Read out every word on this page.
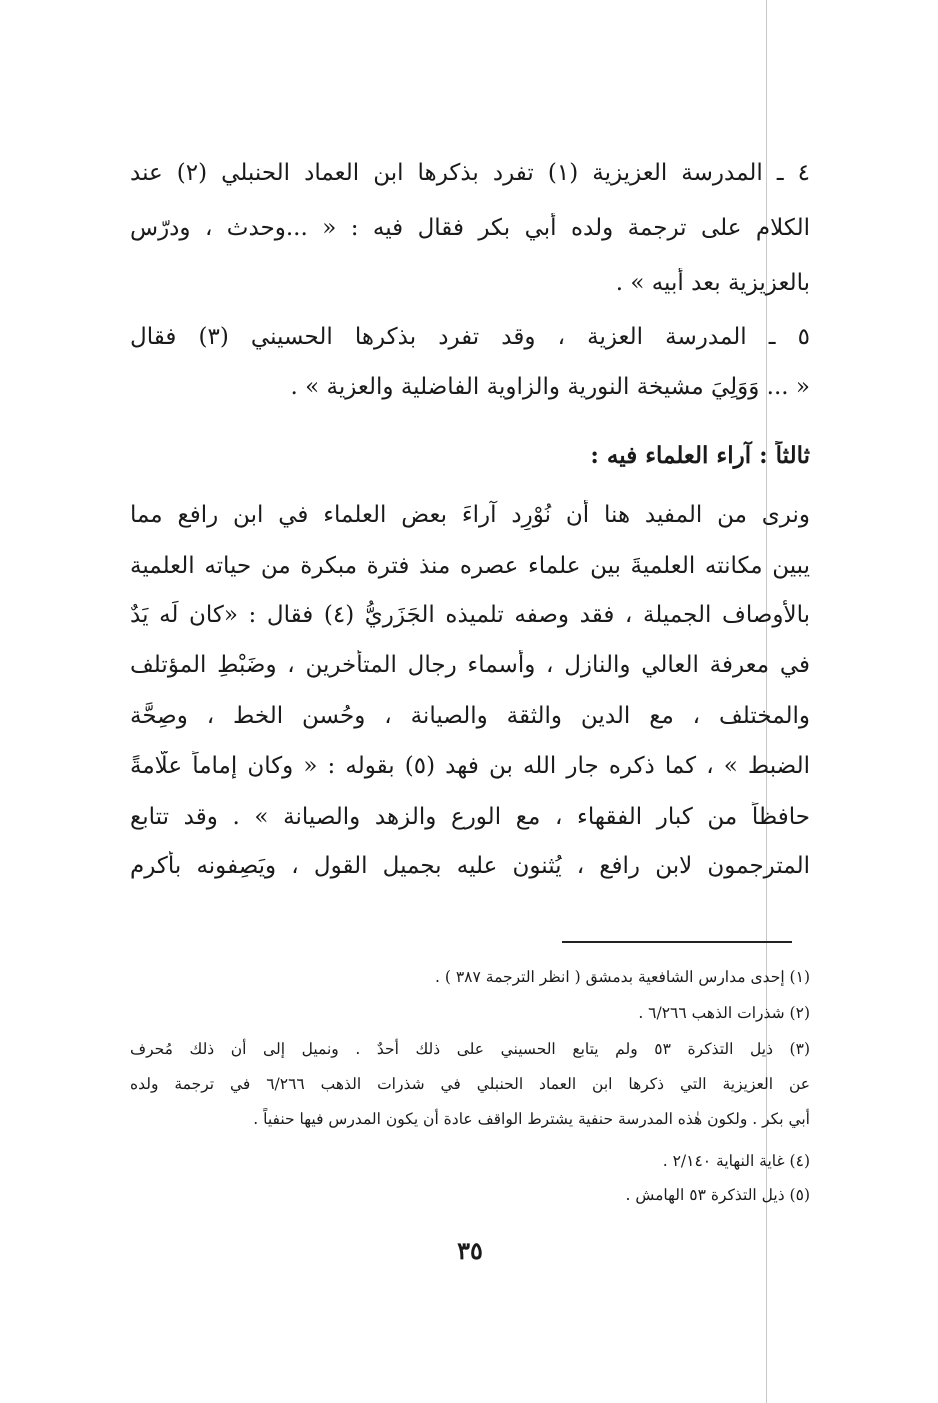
٤ ـ المدرسة العزيزية (١) تفرد بذكرها ابن العماد الحنبلي (٢) عند
الكلام على ترجمة ولده أبي بكر فقال فيه : « ...وحدث ، ودرّس
بالعزيزية بعد أبيه » .
٥ ـ المدرسة العزية ، وقد تفرد بذكرها الحسيني (٣) فقال
« ... وَوَلِيَ مشيخة النورية والزاوية الفاضلية والعزية » .
ثالثاً : آراء العلماء فيه :
ونرى من المفيد هنا أن نُوْرِد آراءَ بعض العلماء في ابن رافع مما
يبين مكانته العلميةَ بين علماء عصره منذ فترة مبكرة من حياته العلمية
بالأوصاف الجميلة ، فقد وصفه تلميذه الجَزَريُّ (٤) فقال : «كان لَه يَدٌ
في معرفة العالي والنازل ، وأسماء رجال المتأخرين ، وضَبْطِ المؤتلف
والمختلف ، مع الدين والثقة والصيانة ، وحُسن الخط ، وصِحَّة
الضبط » ، كما ذكره جار الله بن فهد (٥) بقوله : « وكان إماماً علَّامةً
حافظاً من كبار الفقهاء ، مع الورع والزهد والصيانة » . وقد تتابع
المترجمون لابن رافع ، يُثنون عليه بجميل القول ، ويَصِفونه بأكرم
(١) إحدى مدارس الشافعية بدمشق ( انظر الترجمة ٣٨٧ ) .
(٢) شذرات الذهب ٦/٢٦٦ .
(٣) ذيل التذكرة ٥٣ ولم يتابع الحسيني على ذلك أحدٌ . ونميل إلى أن ذلك مُحرف
عن العزيزية التي ذكرها ابن العماد الحنبلي في شذرات الذهب ٦/٢٦٦ في ترجمة ولده
أبي بكر . ولكون هٰذه المدرسة حنفية يشترط الواقف عادة أن يكون المدرس فيها حنفياً .
(٤) غاية النهاية ٢/١٤٠ .
(٥) ذيل التذكرة ٥٣ الهامش .
٣٥
